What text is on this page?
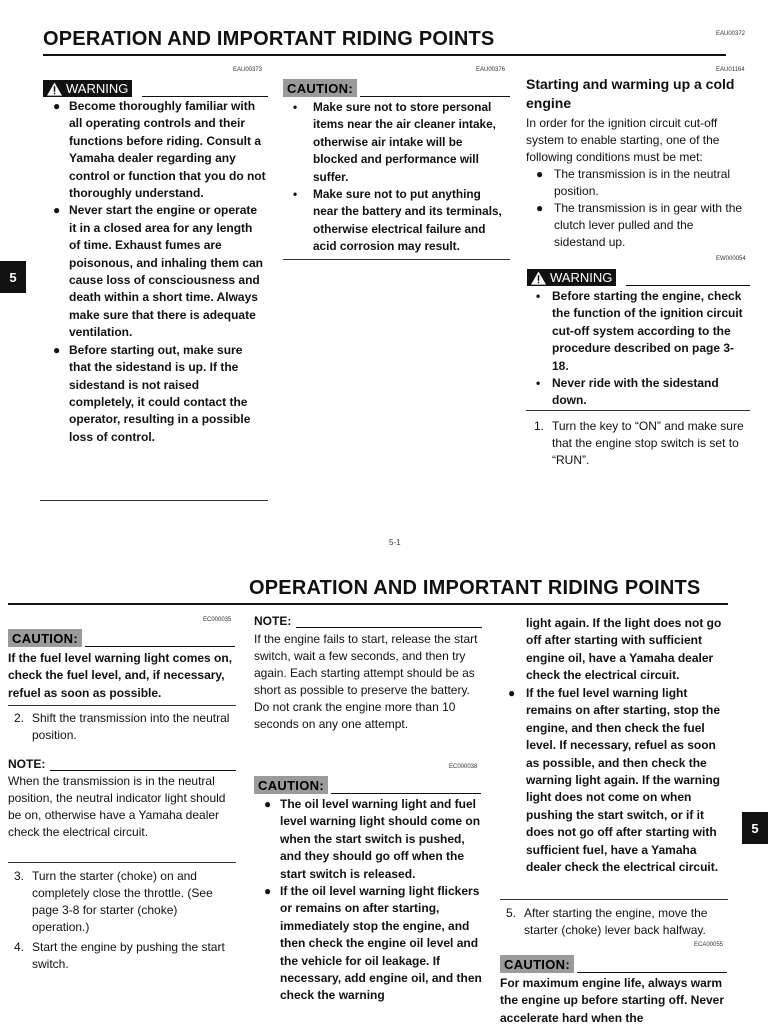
OPERATION AND IMPORTANT RIDING POINTS	EAU00372
5
EAU00373
WARNING
● Become thoroughly familiar with all operating controls and their functions before riding. Consult a Yamaha dealer regarding any control or function that you do not thoroughly understand.
● Never start the engine or operate it in a closed area for any length of time. Exhaust fumes are poisonous, and inhaling them can cause loss of consciousness and death within a short time. Always make sure that there is adequate ventilation.
● Before starting out, make sure that the sidestand is up. If the sidestand is not raised completely, it could contact the operator, resulting in a possible loss of control.
EAU00376
CAUTION:
• Make sure not to store personal items near the air cleaner intake, otherwise air intake will be blocked and performance will suffer.
• Make sure not to put anything near the battery and its terminals, otherwise electrical failure and acid corrosion may result.
EAU01164
Starting and warming up a cold engine
In order for the ignition circuit cut-off system to enable starting, one of the following conditions must be met:
● The transmission is in the neutral position.
● The transmission is in gear with the clutch lever pulled and the sidestand up.
EW000054
WARNING
• Before starting the engine, check the function of the ignition circuit cut-off system according to the procedure described on page 3-18.
• Never ride with the sidestand down.
1. Turn the key to “ON” and make sure that the engine stop switch is set to “RUN”.
5-1
OPERATION AND IMPORTANT RIDING POINTS
5
EC000035
CAUTION:
If the fuel level warning light comes on, check the fuel level, and, if necessary, refuel as soon as possible.
2. Shift the transmission into the neutral position.
NOTE:
When the transmission is in the neutral position, the neutral indicator light should be on, otherwise have a Yamaha dealer check the electrical circuit.
3. Turn the starter (choke) on and completely close the throttle. (See page 3-8 for starter (choke) operation.)
4. Start the engine by pushing the start switch.
NOTE:
If the engine fails to start, release the start switch, wait a few seconds, and then try again. Each starting attempt should be as short as possible to preserve the battery. Do not crank the engine more than 10 seconds on any one attempt.
EC000038
CAUTION:
● The oil level warning light and fuel level warning light should come on when the start switch is pushed, and they should go off when the start switch is released.
● If the oil level warning light flickers or remains on after starting, immediately stop the engine, and then check the engine oil level and the vehicle for oil leakage. If necessary, add engine oil, and then check the warning
light again. If the light does not go off after starting with sufficient engine oil, have a Yamaha dealer check the electrical circuit.
● If the fuel level warning light remains on after starting, stop the engine, and then check the fuel level. If necessary, refuel as soon as possible, and then check the warning light again. If the warning light does not come on when pushing the start switch, or if it does not go off after starting with sufficient fuel, have a Yamaha dealer check the electrical circuit.
5. After starting the engine, move the starter (choke) lever back halfway.
ECA00055
CAUTION:
For maximum engine life, always warm the engine up before starting off. Never accelerate hard when the
